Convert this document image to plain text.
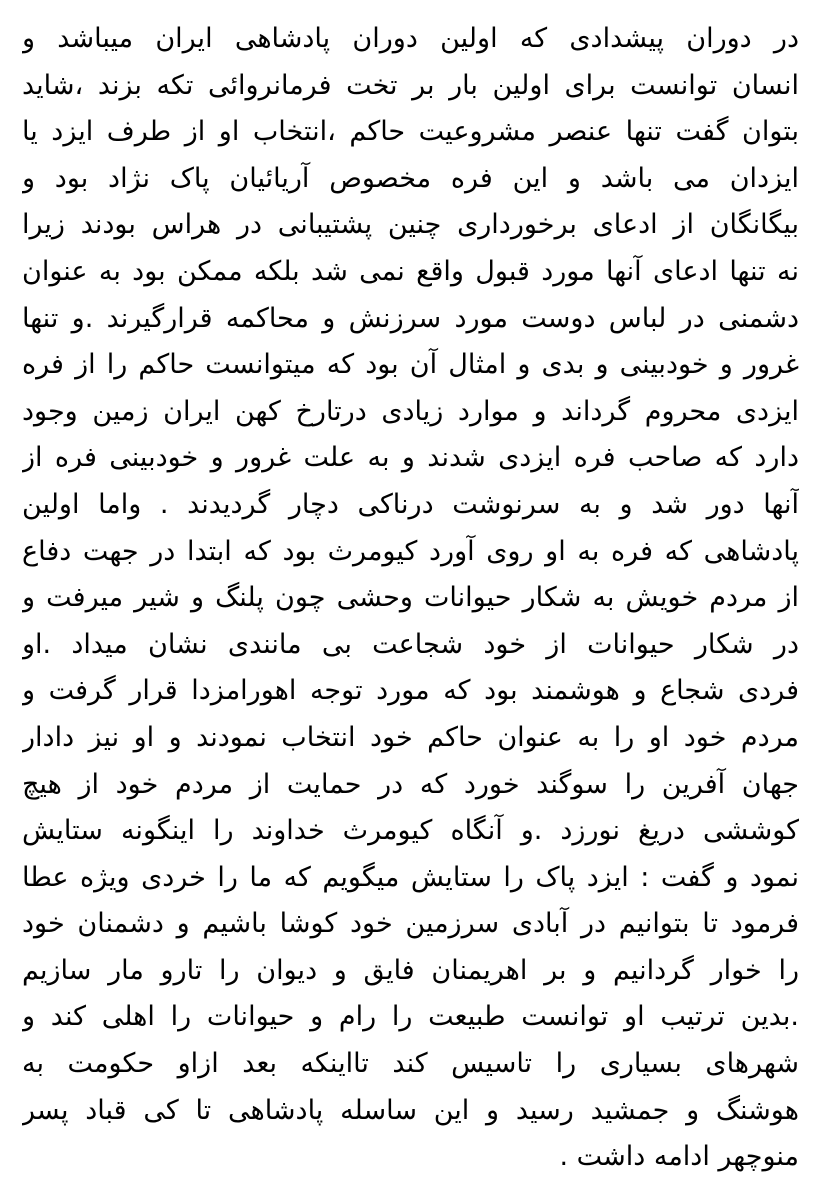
در دوران پیشدادی که اولین دوران پادشاهی ایران میباشد و
انسان توانست برای اولین بار بر تخت فرمانروائی تکه بزند ،شاید
بتوان گفت تنها عنصر مشروعیت حاکم ،انتخاب او از طرف ایزد یا
ایزدان می باشد و این فره مخصوص آریائیان پاک نژاد بود و
بیگانگان از ادعای برخورداری چنین پشتیبانی در هراس بودند زیرا
نه تنها ادعای آنها مورد قبول واقع نمی شد بلکه ممکن بود به عنوان
دشمنی در لباس دوست مورد سرزنش و محاکمه قرارگیرند .و تنها
غرور و خودبینی و بدی و امثال آن بود که میتوانست حاکم را از فره
ایزدی محروم گرداند و موارد زیادی درتارخ کهن ایران زمین وجود
دارد که صاحب فره ایزدی شدند و به علت غرور و خودبینی فره از
آنها دور شد و به سرنوشت درناکی دچار گردیدند . واما اولین
پادشاهی که فره به او روی آورد کیومرث بود که ابتدا در جهت دفاع
از مردم خویش به شکار حیوانات وحشی چون پلنگ و شیر میرفت و
در شکار حیوانات از خود شجاعت بی مانندی نشان میداد .او
فردی شجاع و هوشمند بود که مورد توجه اهورامزدا قرار گرفت و
مردم خود او را به عنوان حاکم خود انتخاب نمودند و او نیز دادار
جهان آفرین را سوگند خورد که در حمایت از مردم خود از هیچ
کوششی دریغ نورزد .و آنگاه کیومرث خداوند را اینگونه ستایش
نمود و گفت : ایزد پاک را ستایش میگویم که ما را خردی ویژه عطا
فرمود تا بتوانیم در آبادی سرزمین خود کوشا باشیم و دشمنان خود
را خوار گردانیم و بر اهریمنان فایق و دیوان را تارو مار سازیم
.بدین ترتیب او توانست طبیعت را رام و حیوانات را اهلی کند و
شهرهای بسیاری را تاسیس کند تااینکه بعد ازاو حکومت به
هوشنگ و جمشید رسید و این ساسله پادشاهی تا کی قباد پسر
منوچهر ادامه داشت .
